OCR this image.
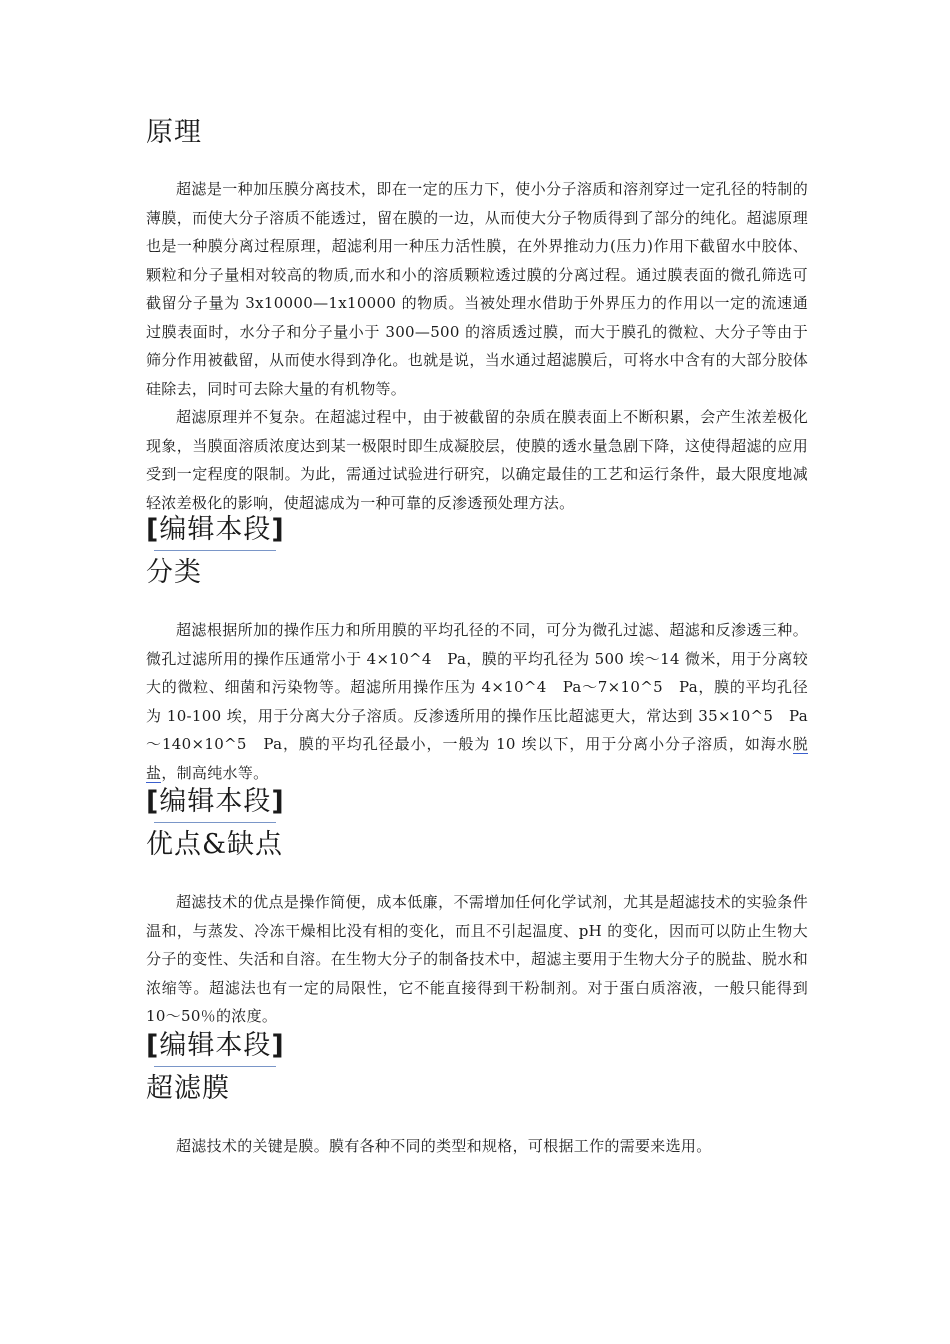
原理

超滤是一种加压膜分离技术，即在一定的压力下，使小分子溶质和溶剂穿过一定孔径的特制的薄膜，而使大分子溶质不能透过，留在膜的一边，从而使大分子物质得到了部分的纯化。超滤原理也是一种膜分离过程原理，超滤利用一种压力活性膜，在外界推动力(压力)作用下截留水中胶体、颗粒和分子量相对较高的物质,而水和小的溶质颗粒透过膜的分离过程。通过膜表面的微孔筛选可截留分子量为 3x10000—1x10000 的物质。当被处理水借助于外界压力的作用以一定的流速通过膜表面时，水分子和分子量小于 300—500 的溶质透过膜，而大于膜孔的微粒、大分子等由于筛分作用被截留，从而使水得到净化。也就是说，当水通过超滤膜后，可将水中含有的大部分胶体硅除去，同时可去除大量的有机物等。

超滤原理并不复杂。在超滤过程中，由于被截留的杂质在膜表面上不断积累，会产生浓差极化现象，当膜面溶质浓度达到某一极限时即生成凝胶层，使膜的透水量急剧下降，这使得超滤的应用受到一定程度的限制。为此，需通过试验进行研究，以确定最佳的工艺和运行条件，最大限度地减轻浓差极化的影响，使超滤成为一种可靠的反渗透预处理方法。

[编辑本段]
分类

超滤根据所加的操作压力和所用膜的平均孔径的不同，可分为微孔过滤、超滤和反渗透三种。微孔过滤所用的操作压通常小于 4×10^4　Pa，膜的平均孔径为 500 埃～14 微米，用于分离较大的微粒、细菌和污染物等。超滤所用操作压为 4×10^4　Pa～7×10^5　Pa，膜的平均孔径为 10-100 埃，用于分离大分子溶质。反渗透所用的操作压比超滤更大，常达到 35×10^5　Pa～140×10^5　Pa，膜的平均孔径最小，一般为 10 埃以下，用于分离小分子溶质，如海水脱盐，制高纯水等。

[编辑本段]
优点&缺点

超滤技术的优点是操作简便，成本低廉，不需增加任何化学试剂，尤其是超滤技术的实验条件温和，与蒸发、冷冻干燥相比没有相的变化，而且不引起温度、pH 的变化，因而可以防止生物大分子的变性、失活和自溶。在生物大分子的制备技术中，超滤主要用于生物大分子的脱盐、脱水和浓缩等。超滤法也有一定的局限性，它不能直接得到干粉制剂。对于蛋白质溶液，一般只能得到 10～50％的浓度。

[编辑本段]
超滤膜

超滤技术的关键是膜。膜有各种不同的类型和规格，可根据工作的需要来选用。
